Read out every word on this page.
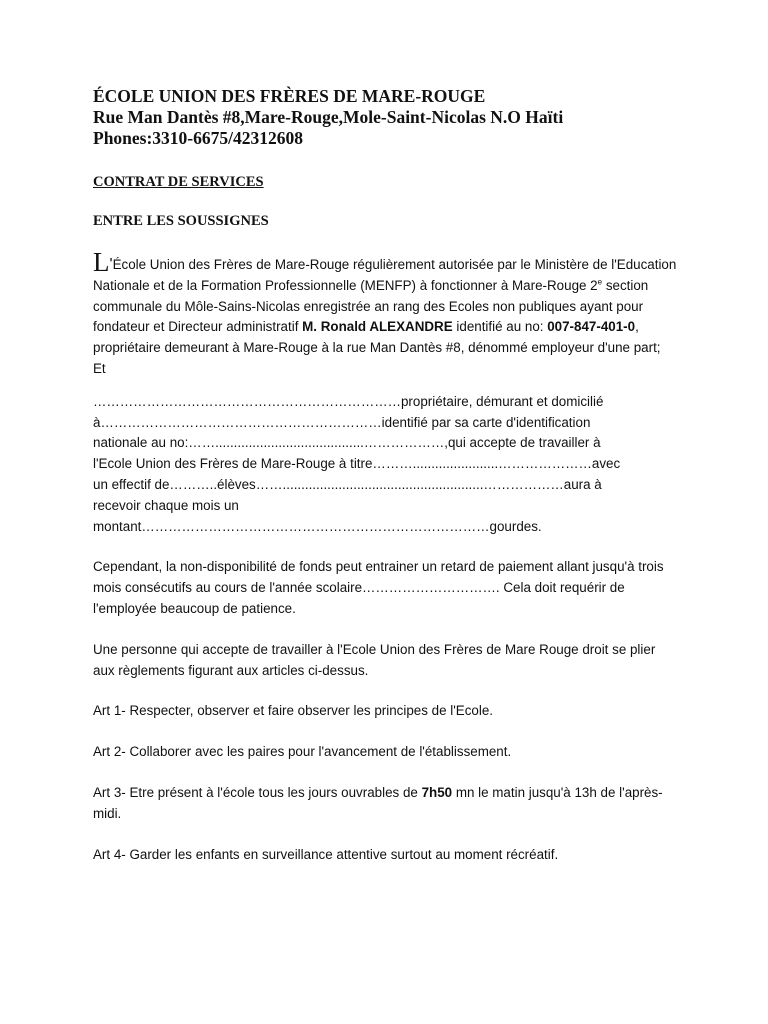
ÉCOLE UNION DES FRÈRES DE MARE-ROUGE
Rue Man Dantès #8,Mare-Rouge,Mole-Saint-Nicolas N.O Haïti
Phones:3310-6675/42312608
CONTRAT DE SERVICES
ENTRE LES SOUSSIGNES

L'École Union des Frères de Mare-Rouge régulièrement autorisée par le Ministère de l'Education Nationale et de la Formation Professionnelle (MENFP) à fonctionner à Mare-Rouge 2e section communale du Môle-Sains-Nicolas enregistrée an rang des Ecoles non publiques ayant pour fondateur et Directeur administratif M. Ronald ALEXANDRE identifié au no: 007-847-401-0, propriétaire demeurant à Mare-Rouge à la rue Man Dantès #8, dénommé employeur d'une part;

Et

……………………………………………………………propriétaire, démurant et domicilié
à………………………………………………………identifié par sa carte d'identification
nationale au no:……........................................………………,qui accepte de travailler à
l'Ecole Union des Frères de Mare-Rouge à titre……….......................…………………avec
un effectif de………..élèves……......................................................………………aura à
recevoir chaque mois un
montant……………………………………………………………………gourdes.

Cependant, la non-disponibilité de fonds peut entrainer un retard de paiement allant jusqu'à trois mois consécutifs au cours de l'année scolaire…………………………. Cela doit requérir de l'employée beaucoup de patience.

Une personne qui accepte de travailler à l'Ecole Union des Frères de Mare Rouge droit se plier aux règlements figurant aux articles ci-dessus.

Art 1- Respecter, observer et faire observer les principes de l'Ecole.

Art 2- Collaborer avec les paires pour l'avancement de l'établissement.

Art 3- Etre présent à l'école tous les jours ouvrables de 7h50 mn le matin jusqu'à 13h de l'après-midi.

Art 4- Garder les enfants en surveillance attentive surtout au moment récréatif.
